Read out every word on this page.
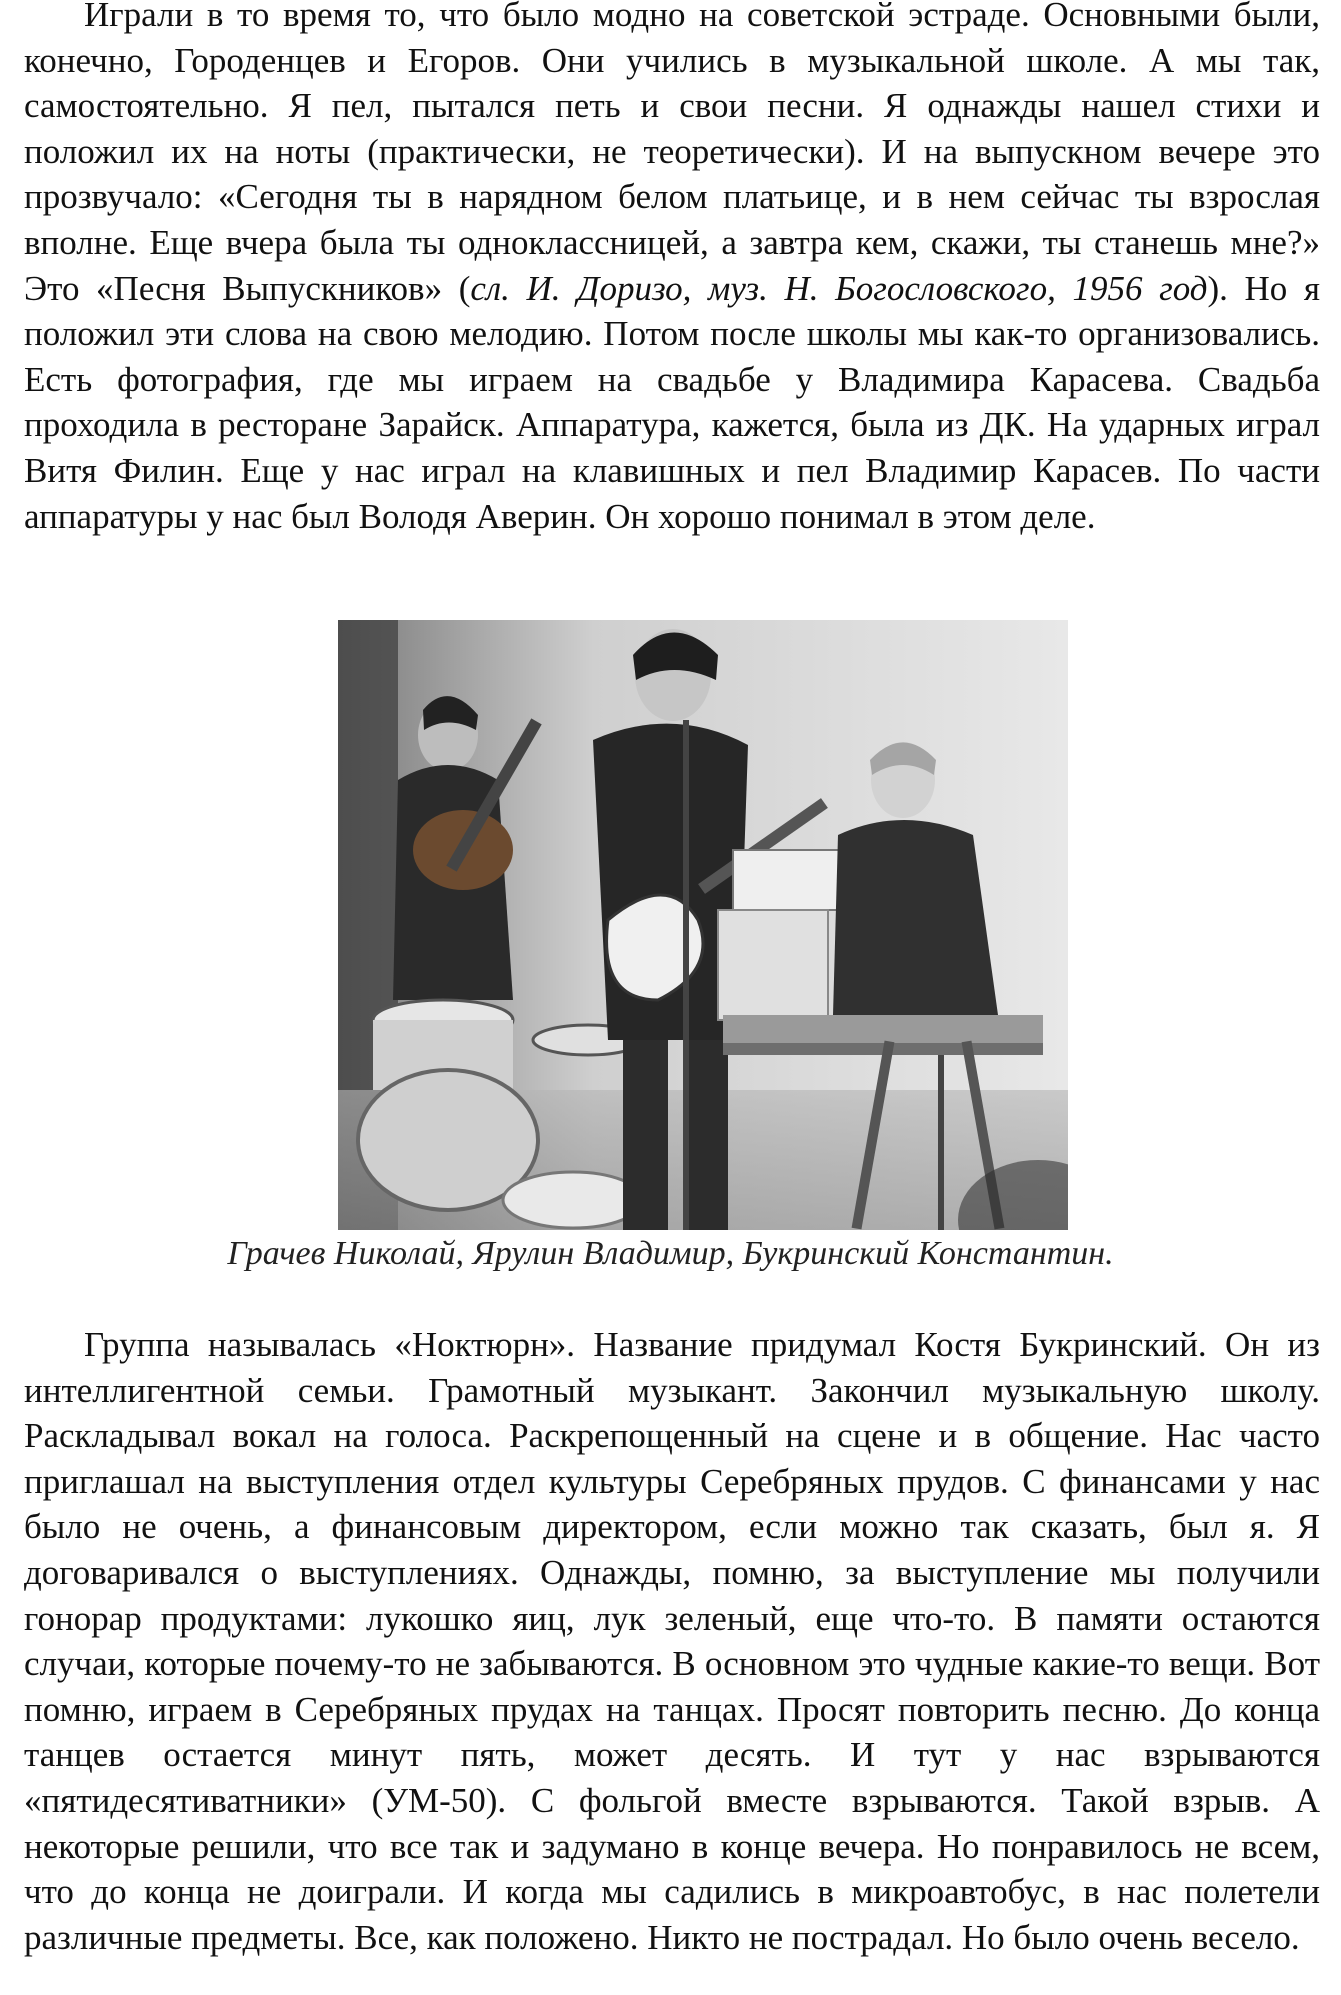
Играли в то время то, что было модно на советской эстраде. Основными были, конечно, Городенцев и Егоров. Они учились в музыкальной школе. А мы так, самостоятельно. Я пел, пытался петь и свои песни. Я однажды нашел стихи и положил их на ноты (практически, не теоретически). И на выпускном вечере это прозвучало: «Сегодня ты в нарядном белом платьице, и в нем сейчас ты взрослая вполне. Еще вчера была ты одноклассницей, а завтра кем, скажи, ты станешь мне?» Это «Песня Выпускников» (сл. И. Доризо, муз. Н. Богословского, 1956 год). Но я положил эти слова на свою мелодию. Потом после школы мы как-то организовались. Есть фотография, где мы играем на свадьбе у Владимира Карасева. Свадьба проходила в ресторане Зарайск. Аппаратура, кажется, была из ДК. На ударных играл Витя Филин. Еще у нас играл на клавишных и пел Владимир Карасев. По части аппаратуры у нас был Володя Аверин. Он хорошо понимал в этом деле.

Грачев Николай, Ярулин Владимир, Букринский Константин.

Группа называлась «Ноктюрн». Название придумал Костя Букринский. Он из интеллигентной семьи. Грамотный музыкант. Закончил музыкальную школу. Раскладывал вокал на голоса. Раскрепощенный на сцене и в общение. Нас часто приглашал на выступления отдел культуры Серебряных прудов. С финансами у нас было не очень, а финансовым директором, если можно так сказать, был я. Я договаривался о выступлениях. Однажды, помню, за выступление мы получили гонорар продуктами: лукошко яиц, лук зеленый, еще что-то. В памяти остаются случаи, которые почему-то не забываются. В основном это чудные какие-то вещи. Вот помню, играем в Серебряных прудах на танцах. Просят повторить песню. До конца танцев остается минут пять, может десять. И тут у нас взрываются «пятидесятиватники» (УМ-50). С фольгой вместе взрываются. Такой взрыв. А некоторые решили, что все так и задумано в конце вечера. Но понравилось не всем, что до конца не доиграли. И когда мы садились в микроавтобус, в нас полетели различные предметы. Все, как положено. Никто не пострадал. Но было очень весело.
